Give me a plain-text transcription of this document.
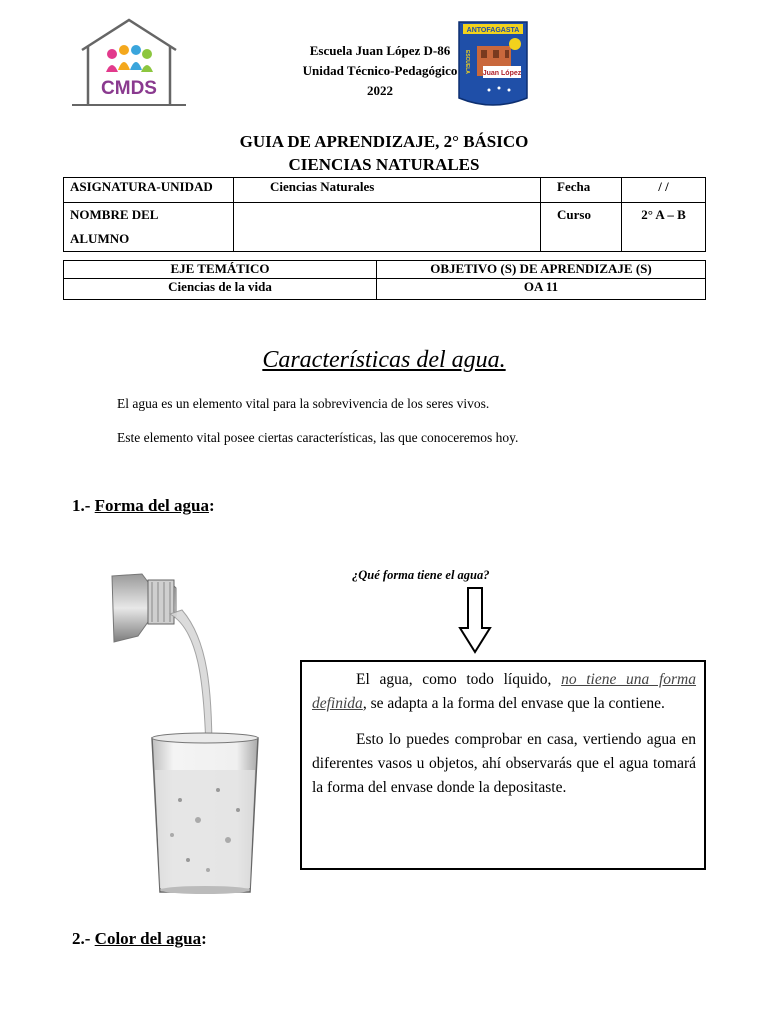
CMDS
Escuela Juan López D-86
Unidad Técnico-Pedagógico
2022
ANTOFAGASTA
Juan López
ESCUELA
GUIA DE APRENDIZAJE, 2° BÁSICO
CIENCIAS NATURALES
ASIGNATURA-UNIDAD	Ciencias Naturales	Fecha	/ /

NOMBRE DEL
ALUMNO		Curso	2° A – B
EJE TEMÁTICO	OBJETIVO (S) DE APRENDIZAJE (S)
Ciencias de la vida	OA 11
Características del agua.
El agua es un elemento vital para la sobrevivencia de los seres vivos.
Este elemento vital posee ciertas características, las que conoceremos hoy.
1.- Forma del agua:
¿Qué forma tiene el agua?

El agua, como todo líquido, no tiene una forma definida, se adapta a la forma del envase que la contiene.

Esto lo puedes comprobar en casa, vertiendo agua en diferentes vasos u objetos, ahí observarás que el agua tomará la forma del envase donde la depositaste.

2.- Color del agua:
